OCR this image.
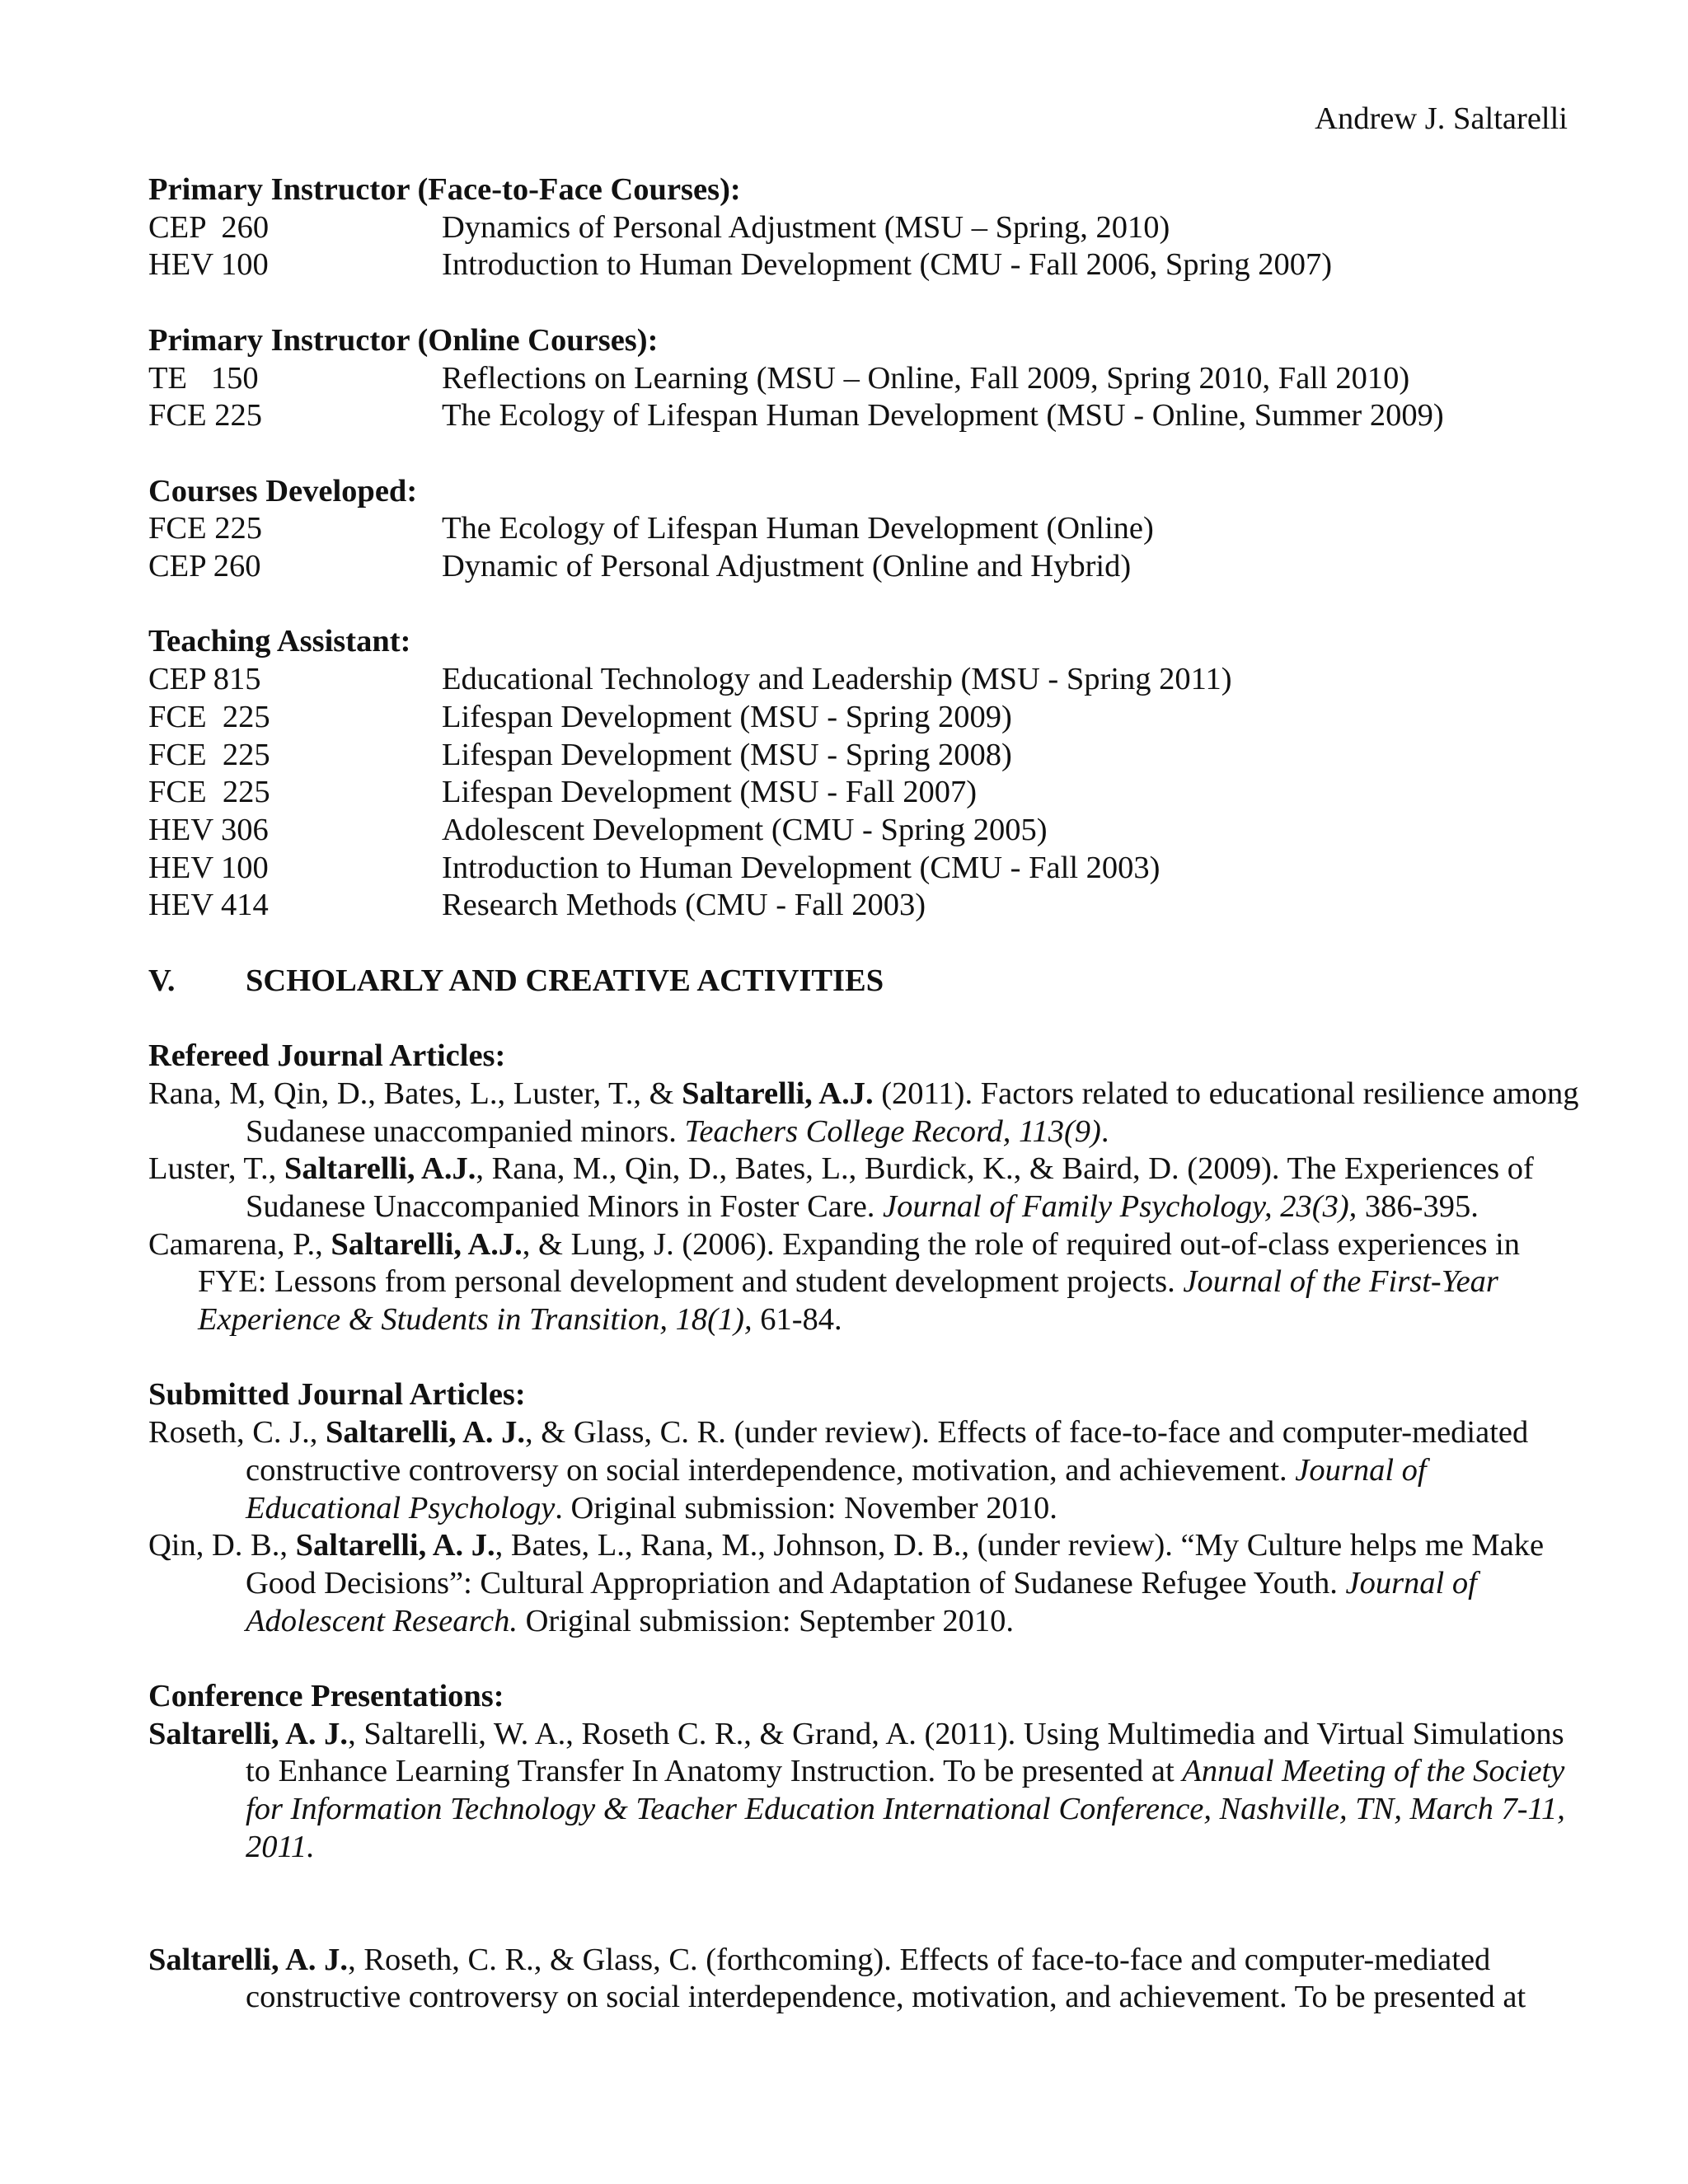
Andrew J. Saltarelli
Primary Instructor (Face-to-Face Courses):
CEP  260	Dynamics of Personal Adjustment (MSU – Spring, 2010)
HEV 100	Introduction to Human Development (CMU - Fall 2006, Spring 2007)
Primary Instructor (Online Courses):
TE   150	Reflections on Learning (MSU – Online, Fall 2009, Spring 2010, Fall 2010)
FCE 225	The Ecology of Lifespan Human Development (MSU - Online, Summer 2009)
Courses Developed:
FCE 225	The Ecology of Lifespan Human Development (Online)
CEP 260	Dynamic of Personal Adjustment (Online and Hybrid)
Teaching Assistant:
CEP 815	Educational Technology and Leadership (MSU - Spring 2011)
FCE  225	Lifespan Development (MSU - Spring 2009)
FCE  225	Lifespan Development (MSU - Spring 2008)
FCE  225	Lifespan Development (MSU - Fall 2007)
HEV 306	Adolescent Development (CMU - Spring 2005)
HEV 100	Introduction to Human Development (CMU - Fall 2003)
HEV 414	Research Methods (CMU - Fall 2003)
V.	SCHOLARLY AND CREATIVE ACTIVITIES
Refereed Journal Articles:
Rana, M, Qin, D., Bates, L., Luster, T., & Saltarelli, A.J. (2011). Factors related to educational resilience among Sudanese unaccompanied minors. Teachers College Record, 113(9).
Luster, T., Saltarelli, A.J., Rana, M., Qin, D., Bates, L., Burdick, K., & Baird, D. (2009). The Experiences of Sudanese Unaccompanied Minors in Foster Care. Journal of Family Psychology, 23(3), 386-395.
Camarena, P., Saltarelli, A.J., & Lung, J. (2006). Expanding the role of required out-of-class experiences in FYE: Lessons from personal development and student development projects. Journal of the First-Year Experience & Students in Transition, 18(1), 61-84.
Submitted Journal Articles:
Roseth, C. J., Saltarelli, A. J., & Glass, C. R. (under review). Effects of face-to-face and computer-mediated constructive controversy on social interdependence, motivation, and achievement. Journal of Educational Psychology. Original submission: November 2010.
Qin, D. B., Saltarelli, A. J., Bates, L., Rana, M., Johnson, D. B., (under review). “My Culture helps me Make Good Decisions”: Cultural Appropriation and Adaptation of Sudanese Refugee Youth. Journal of Adolescent Research. Original submission: September 2010.
Conference Presentations:
Saltarelli, A. J., Saltarelli, W. A., Roseth C. R., & Grand, A. (2011). Using Multimedia and Virtual Simulations to Enhance Learning Transfer In Anatomy Instruction. To be presented at Annual Meeting of the Society for Information Technology & Teacher Education International Conference, Nashville, TN, March 7-11, 2011.
Saltarelli, A. J., Roseth, C. R., & Glass, C. (forthcoming). Effects of face-to-face and computer-mediated constructive controversy on social interdependence, motivation, and achievement. To be presented at
